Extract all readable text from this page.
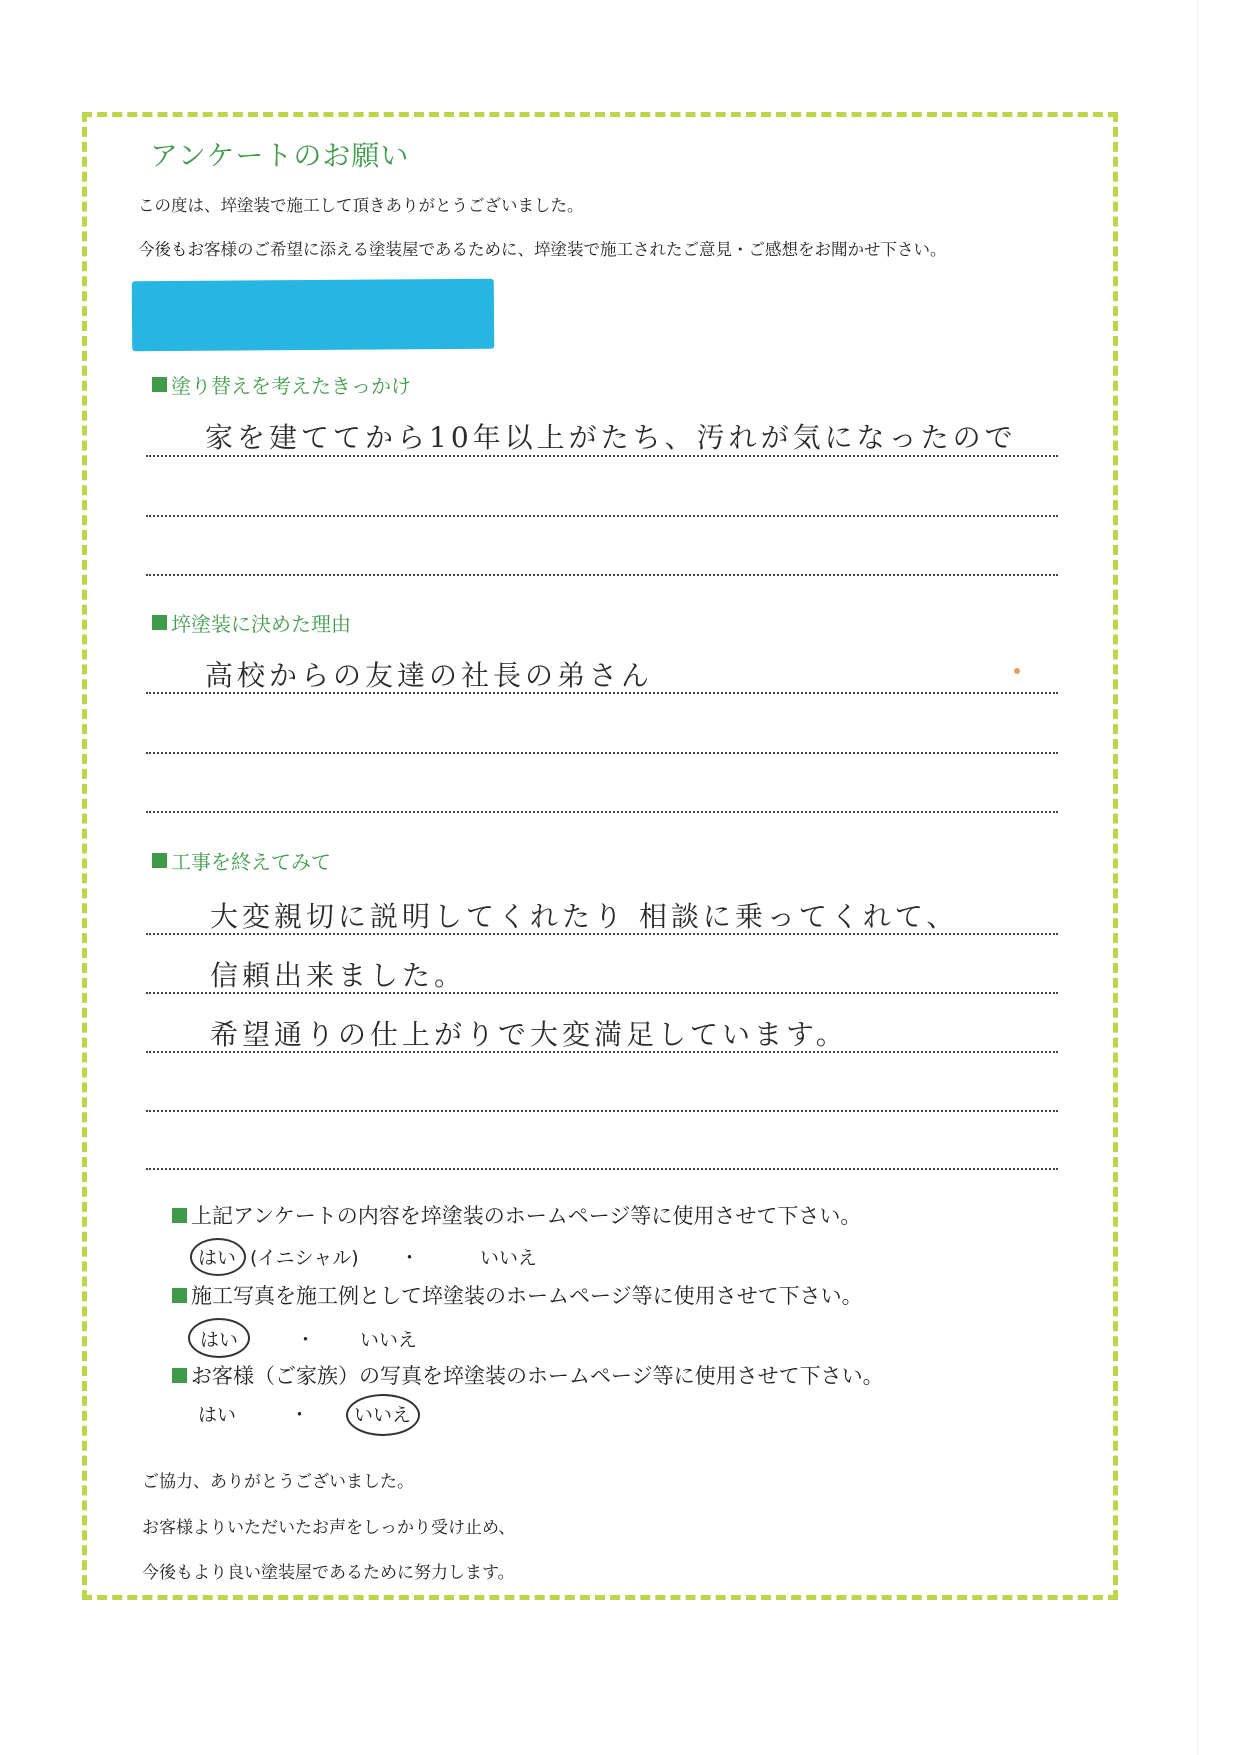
アンケートのお願い
この度は、埣塗装で施工して頂きありがとうございました。
今後もお客様のご希望に添える塗装屋であるために、埣塗装で施工されたご意見・ご感想をお聞かせ下さい。
塗り替えを考えたきっかけ
家を建ててから10年以上がたち、汚れが気になったので
埣塗装に決めた理由
高校からの友達の社長の弟さん
工事を終えてみて
大変親切に説明してくれたり 相談に乗ってくれて、
信頼出来ました。
希望通りの仕上がりで大変満足しています。
上記アンケートの内容を埣塗装のホームページ等に使用させて下さい。
はい (イニシャル) ・	いいえ
施工写真を施工例として埣塗装のホームページ等に使用させて下さい。
はい	・ いいえ
お客様（ご家族）の写真を埣塗装のホームページ等に使用させて下さい。
はい	・ いいえ
ご協力、ありがとうございました。
お客様よりいただいたお声をしっかり受け止め、
今後もより良い塗装屋であるために努力します。
